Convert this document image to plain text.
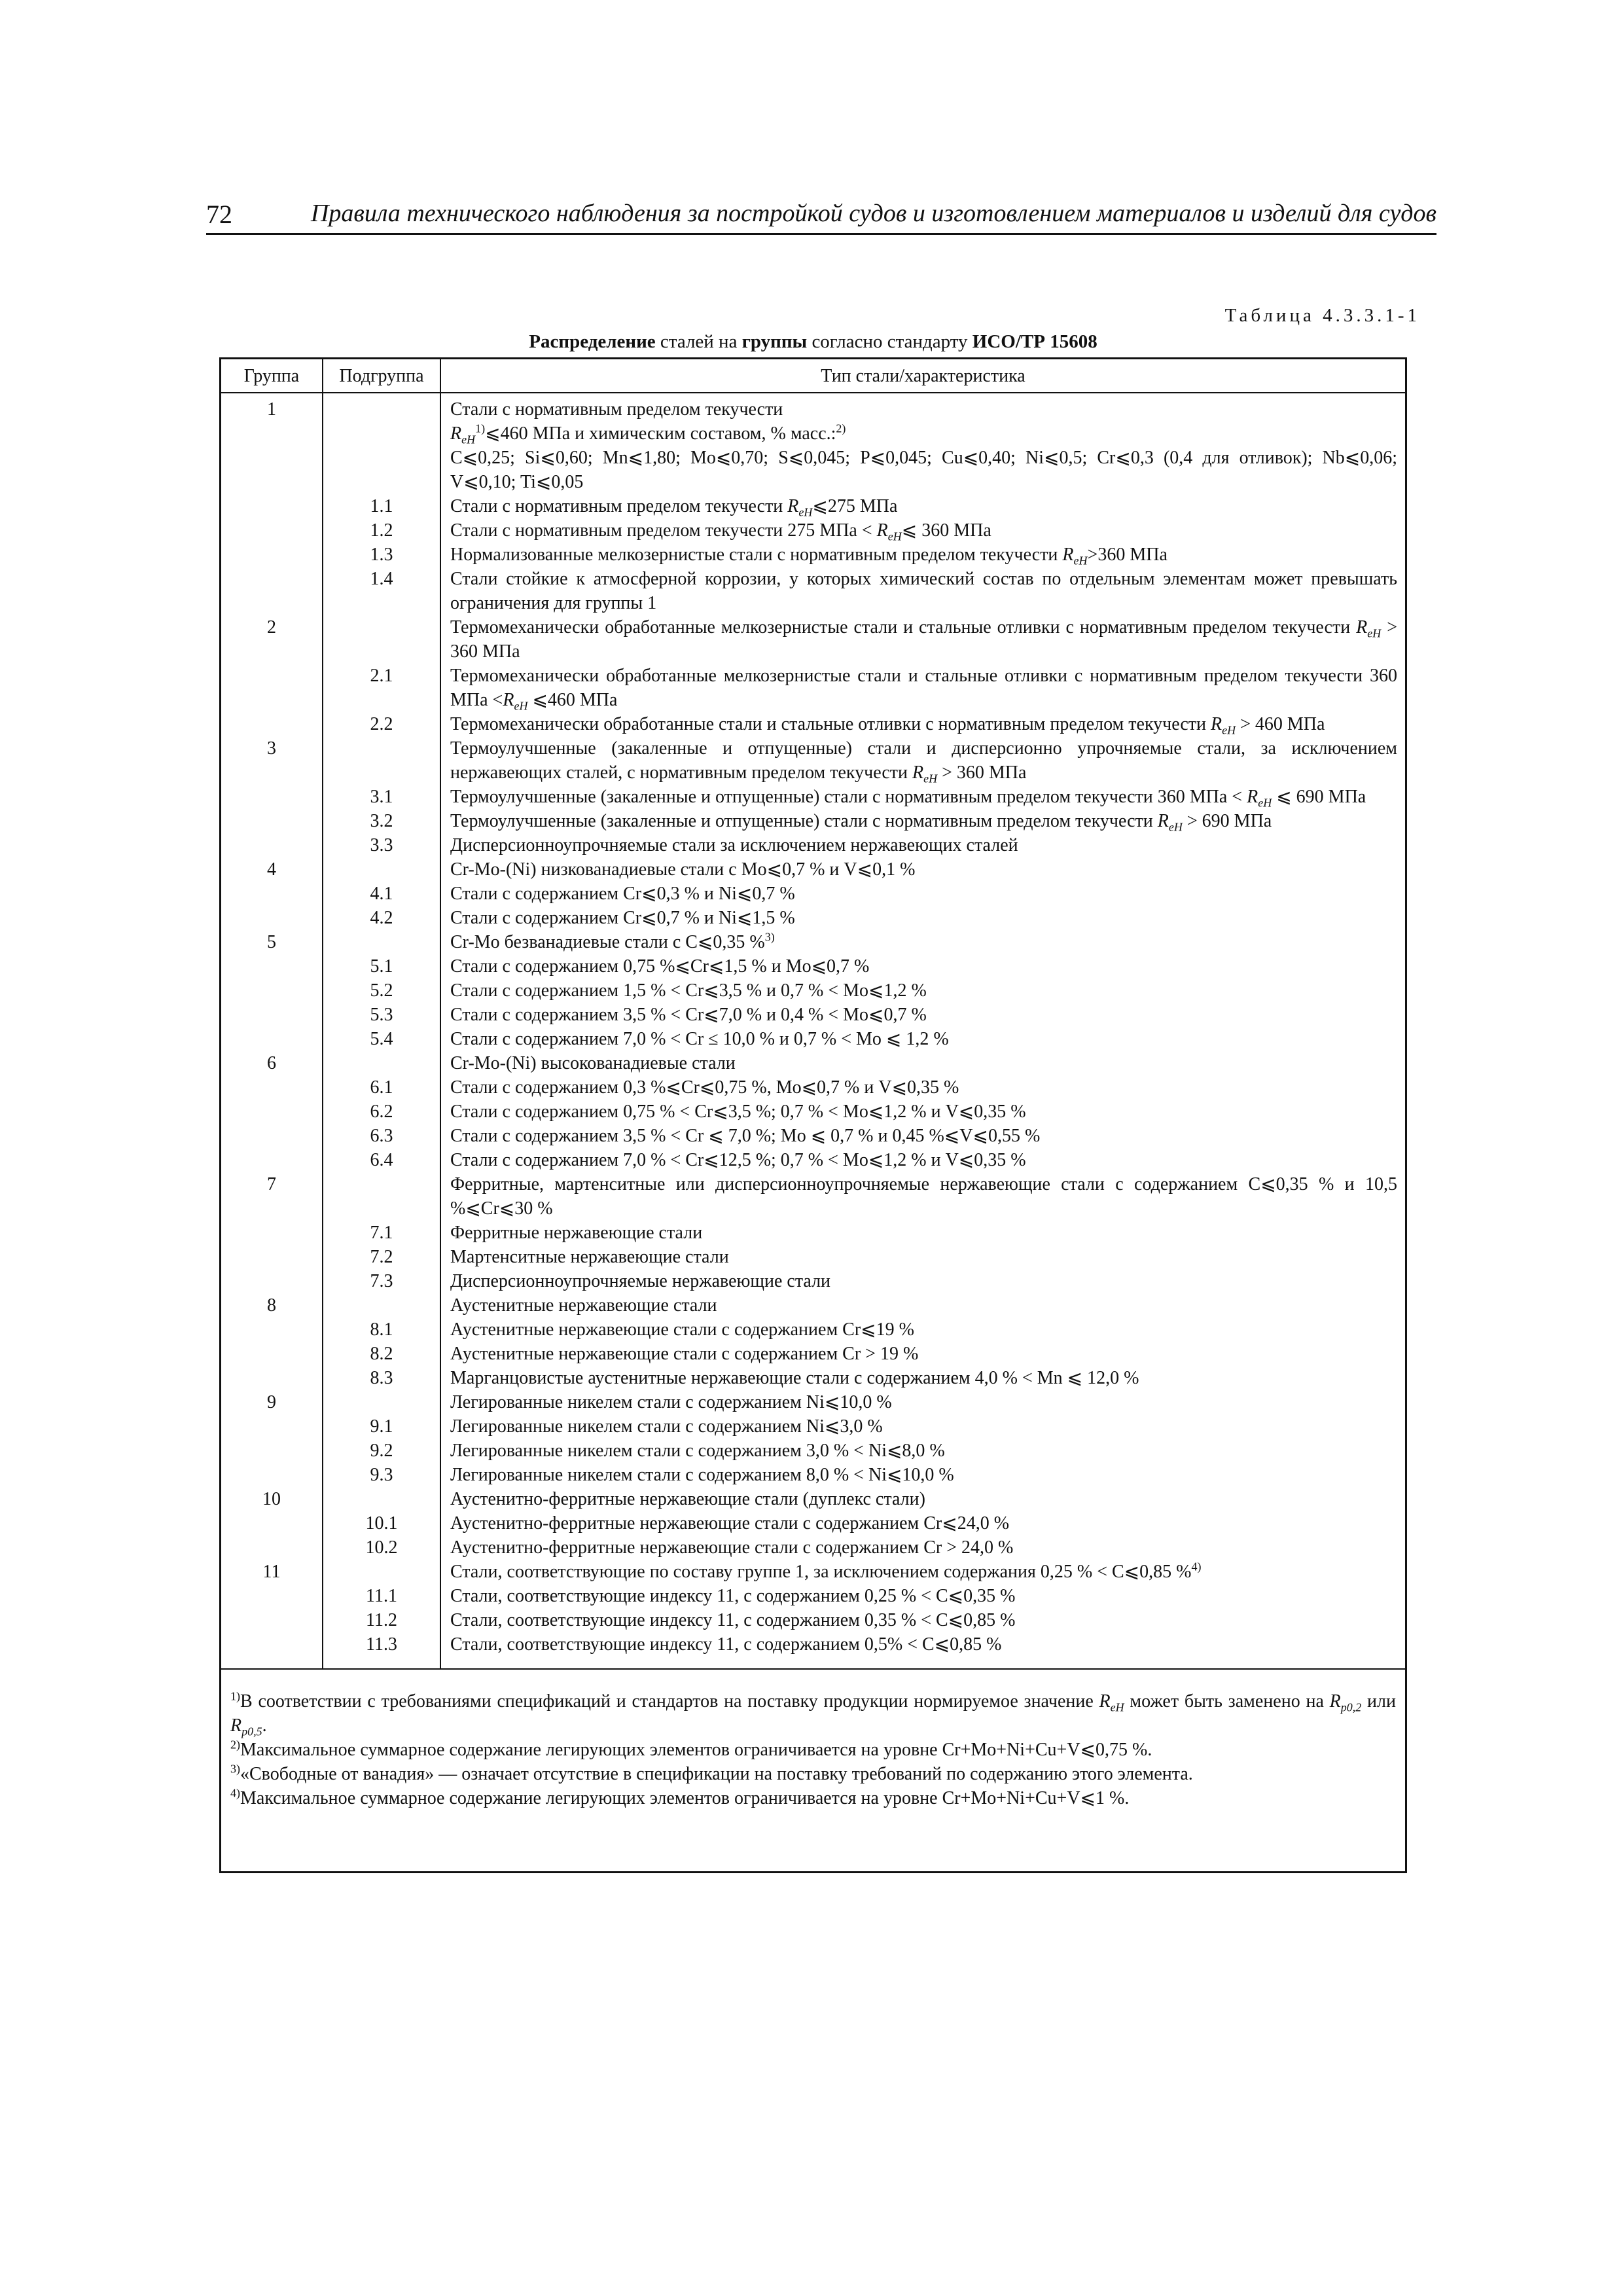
72	Правила технического наблюдения за постройкой судов и изготовлением материалов и изделий для судов
Таблица 4.3.3.1-1
Распределение сталей на группы согласно стандарту ИСО/ТР 15608
Группа	Подгруппа	Тип стали/характеристика
1		Стали с нормативным пределом текучести
		$R_{eH}^{1)}⩽460$ МПа и химическим составом, % масс.:$^{2)}$
		C⩽0,25; Si⩽0,60; Mn⩽1,80; Mo⩽0,70; S⩽0,045; P⩽0,045; Cu⩽0,40; Ni⩽0,5; Cr⩽0,3 (0,4 для отливок); Nb⩽0,06; V⩽0,10; Ti⩽0,05
	1.1	Стали с нормативным пределом текучести $R_{eH}⩽275$ МПа
	1.2	Стали с нормативным пределом текучести 275 МПа < $R_{eH}⩽$ 360 МПа
	1.3	Нормализованные мелкозернистые стали с нормативным пределом текучести $R_{eH}>360$ МПа
	1.4	Стали стойкие к атмосферной коррозии, у которых химический состав по отдельным элементам может превышать ограничения для группы 1
2		Термомеханически обработанные мелкозернистые стали и стальные отливки с нормативным пределом текучести $R_{eH} > 360$ МПа
	2.1	Термомеханически обработанные мелкозернистые стали и стальные отливки с нормативным пределом текучести 360 МПа $<R_{eH}$ ⩽460 МПа
	2.2	Термомеханически обработанные стали и стальные отливки с нормативным пределом текучести $R_{eH} > 460$ МПа
3		Термоулучшенные (закаленные и отпущенные) стали и дисперсионно упрочняемые стали, за исключением нержавеющих сталей, с нормативным пределом текучести $R_{eH} > 360$ МПа
	3.1	Термоулучшенные (закаленные и отпущенные) стали с нормативным пределом текучести 360 МПа < $R_{eH}$ ⩽ 690 МПа
	3.2	Термоулучшенные (закаленные и отпущенные) стали с нормативным пределом текучести $R_{eH} > 690$ МПа
	3.3	Дисперсионноупрочняемые стали за исключением нержавеющих сталей
4		Cr-Mo-(Ni) низкованадиевые стали с Mo⩽0,7 % и V⩽0,1 %
	4.1	Стали с содержанием Cr⩽0,3 % и Ni⩽0,7 %
	4.2	Стали с содержанием Cr⩽0,7 % и Ni⩽1,5 %
5		Cr-Mo безванадиевые стали с C⩽0,35 %$^{3)}$
	5.1	Стали с содержанием 0,75 %⩽Cr⩽1,5 % и Mo⩽0,7 %
	5.2	Стали с содержанием 1,5 % < Cr⩽3,5 % и 0,7 % < Mo⩽1,2 %
	5.3	Стали с содержанием 3,5 % < Cr⩽7,0 % и 0,4 % < Mo⩽0,7 %
	5.4	Стали с содержанием 7,0 % < Cr ≤ 10,0 % и 0,7 % < Mo ⩽ 1,2 %
6		Cr-Mo-(Ni) высокованадиевые стали
	6.1	Стали с содержанием 0,3 %⩽Cr⩽0,75 %, Mo⩽0,7 % и V⩽0,35 %
	6.2	Стали с содержанием 0,75 % < Cr⩽3,5 %; 0,7 % < Mo⩽1,2 % и V⩽0,35 %
	6.3	Стали с содержанием 3,5 % < Cr ⩽ 7,0 %; Mo ⩽ 0,7 % и 0,45 %⩽V⩽0,55 %
	6.4	Стали с содержанием 7,0 % < Cr⩽12,5 %; 0,7 % < Mo⩽1,2 % и V⩽0,35 %
7		Ферритные, мартенситные или дисперсионноупрочняемые нержавеющие стали с содержанием C⩽0,35 % и 10,5 %⩽Cr⩽30 %
	7.1	Ферритные нержавеющие стали
	7.2	Мартенситные нержавеющие стали
	7.3	Дисперсионноупрочняемые нержавеющие стали
8		Аустенитные нержавеющие стали
	8.1	Аустенитные нержавеющие стали с содержанием Cr⩽19 %
	8.2	Аустенитные нержавеющие стали с содержанием Cr > 19 %
	8.3	Марганцовистые аустенитные нержавеющие стали с содержанием 4,0 % < Mn ⩽ 12,0 %
9		Легированные никелем стали с содержанием Ni⩽10,0 %
	9.1	Легированные никелем стали с содержанием Ni⩽3,0 %
	9.2	Легированные никелем стали с содержанием 3,0 % < Ni⩽8,0 %
	9.3	Легированные никелем стали с содержанием 8,0 % < Ni⩽10,0 %
10		Аустенитно-ферритные нержавеющие стали (дуплекс стали)
	10.1	Аустенитно-ферритные нержавеющие стали с содержанием Cr⩽24,0 %
	10.2	Аустенитно-ферритные нержавеющие стали с содержанием Cr > 24,0 %
11		Стали, соответствующие по составу группе 1, за исключением содержания 0,25 % < C⩽0,85 %$^{4)}$
	11.1	Стали, соответствующие индексу 11, с содержанием 0,25 % < C⩽0,35 %
	11.2	Стали, соответствующие индексу 11, с содержанием 0,35 % < C⩽0,85 %
	11.3	Стали, соответствующие индексу 11, с содержанием 0,5% < C⩽0,85 %

$^{1)}$В соответствии с требованиями спецификаций и стандартов на поставку продукции нормируемое значение $R_{eH}$ может быть заменено на $R_{p0,2}$ или $R_{p0,5}$.

$^{2)}$Максимальное суммарное содержание легирующих элементов ограничивается на уровне Cr+Mo+Ni+Cu+V⩽0,75 %.

$^{3)}$«Свободные от ванадия» — означает отсутствие в спецификации на поставку требований по содержанию этого элемента.

$^{4)}$Максимальное суммарное содержание легирующих элементов ограничивается на уровне Cr+Mo+Ni+Cu+V⩽1 %.
